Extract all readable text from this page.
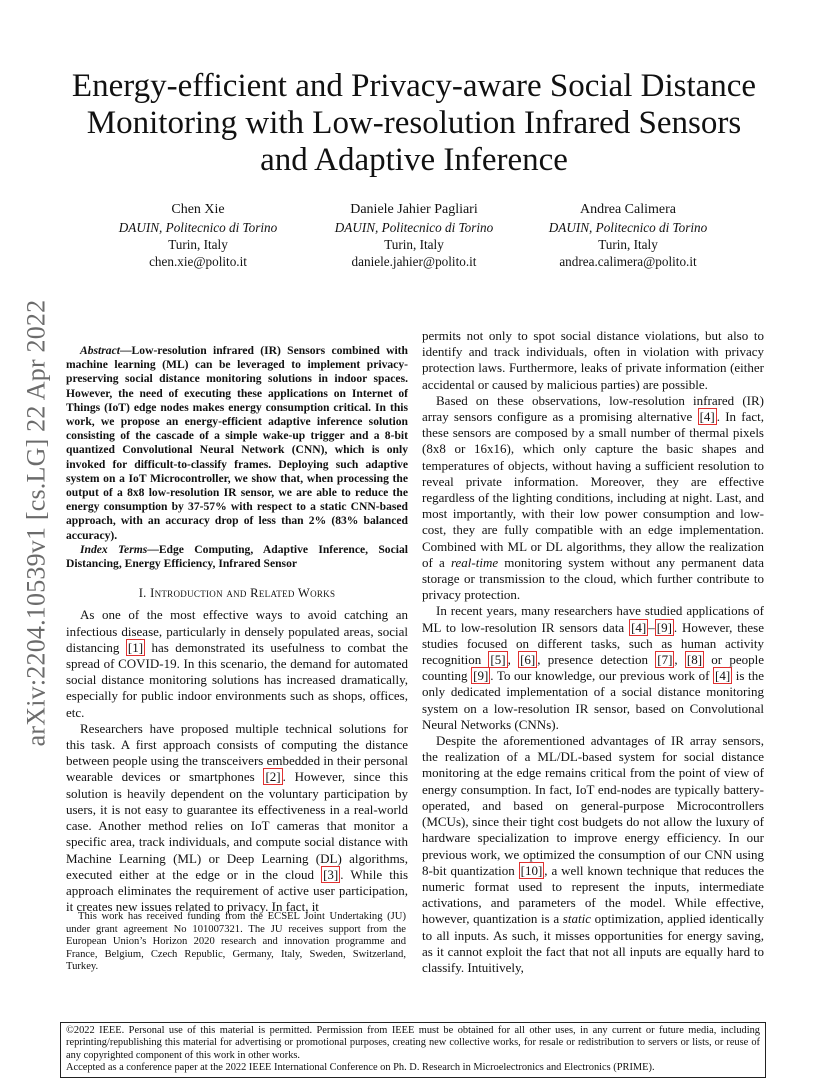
arXiv:2204.10539v1 [cs.LG] 22 Apr 2022
Energy-efficient and Privacy-aware Social Distance Monitoring with Low-resolution Infrared Sensors and Adaptive Inference
Chen Xie
DAUIN, Politecnico di Torino
Turin, Italy
chen.xie@polito.it
Daniele Jahier Pagliari
DAUIN, Politecnico di Torino
Turin, Italy
daniele.jahier@polito.it
Andrea Calimera
DAUIN, Politecnico di Torino
Turin, Italy
andrea.calimera@polito.it

Abstract—Low-resolution infrared (IR) Sensors combined with machine learning (ML) can be leveraged to implement privacy-preserving social distance monitoring solutions in indoor spaces. However, the need of executing these applications on Internet of Things (IoT) edge nodes makes energy consumption critical. In this work, we propose an energy-efficient adaptive inference solution consisting of the cascade of a simple wake-up trigger and a 8-bit quantized Convolutional Neural Network (CNN), which is only invoked for difficult-to-classify frames. Deploying such adaptive system on a IoT Microcontroller, we show that, when processing the output of a 8x8 low-resolution IR sensor, we are able to reduce the energy consumption by 37-57% with respect to a static CNN-based approach, with an accuracy drop of less than 2% (83% balanced accuracy).

Index Terms—Edge Computing, Adaptive Inference, Social Distancing, Energy Efficiency, Infrared Sensor

I. Introduction and Related Works

As one of the most effective ways to avoid catching an infectious disease, particularly in densely populated areas, social distancing [1] has demonstrated its usefulness to combat the spread of COVID-19. In this scenario, the demand for automated social distance monitoring solutions has increased dramatically, especially for public indoor environments such as shops, offices, etc.

Researchers have proposed multiple technical solutions for this task. A first approach consists of computing the distance between people using the transceivers embedded in their personal wearable devices or smartphones [2] . However, since this solution is heavily dependent on the voluntary participation by users, it is not easy to guarantee its effectiveness in a real-world case. Another method relies on IoT cameras that monitor a specific area, track individuals, and compute social distance with Machine Learning (ML) or Deep Learning (DL) algorithms, executed either at the edge or in the cloud [3] . While this approach eliminates the requirement of active user participation, it creates new issues related to privacy. In fact, it

This work has received funding from the ECSEL Joint Undertaking (JU) under grant agreement No 101007321. The JU receives support from the European Union’s Horizon 2020 research and innovation programme and France, Belgium, Czech Republic, Germany, Italy, Sweden, Switzerland, Turkey.

permits not only to spot social distance violations, but also to identify and track individuals, often in violation with privacy protection laws. Furthermore, leaks of private information (either accidental or caused by malicious parties) are possible.

Based on these observations, low-resolution infrared (IR) array sensors configure as a promising alternative [4] . In fact, these sensors are composed by a small number of thermal pixels (8x8 or 16x16), which only capture the basic shapes and temperatures of objects, without having a sufficient resolution to reveal private information. Moreover, they are effective regardless of the lighting conditions, including at night. Last, and most importantly, with their low power consumption and low-cost, they are fully compatible with an edge implementation. Combined with ML or DL algorithms, they allow the realization of a real-time monitoring system without any permanent data storage or transmission to the cloud, which further contribute to privacy protection.

In recent years, many researchers have studied applications of ML to low-resolution IR sensors data [4] – [9] . However, these studies focused on different tasks, such as human activity recognition [5] , [6] , presence detection [7] , [8] or people counting [9] . To our knowledge, our previous work of [4] is the only dedicated implementation of a social distance monitoring system on a low-resolution IR sensor, based on Convolutional Neural Networks (CNNs).

Despite the aforementioned advantages of IR array sensors, the realization of a ML/DL-based system for social distance monitoring at the edge remains critical from the point of view of energy consumption. In fact, IoT end-nodes are typically battery-operated, and based on general-purpose Microcontrollers (MCUs), since their tight cost budgets do not allow the luxury of hardware specialization to improve energy efficiency. In our previous work, we optimized the consumption of our CNN using 8-bit quantization [10] , a well known technique that reduces the numeric format used to represent the inputs, intermediate activations, and parameters of the model. While effective, however, quantization is a static optimization, applied identically to all inputs. As such, it misses opportunities for energy saving, as it cannot exploit the fact that not all inputs are equally hard to classify. Intuitively,

©2022 IEEE. Personal use of this material is permitted. Permission from IEEE must be obtained for all other uses, in any current or future media, including reprinting/republishing this material for advertising or promotional purposes, creating new collective works, for resale or redistribution to servers or lists, or reuse of any copyrighted component of this work in other works.
Accepted as a conference paper at the 2022 IEEE International Conference on Ph. D. Research in Microelectronics and Electronics (PRIME).
